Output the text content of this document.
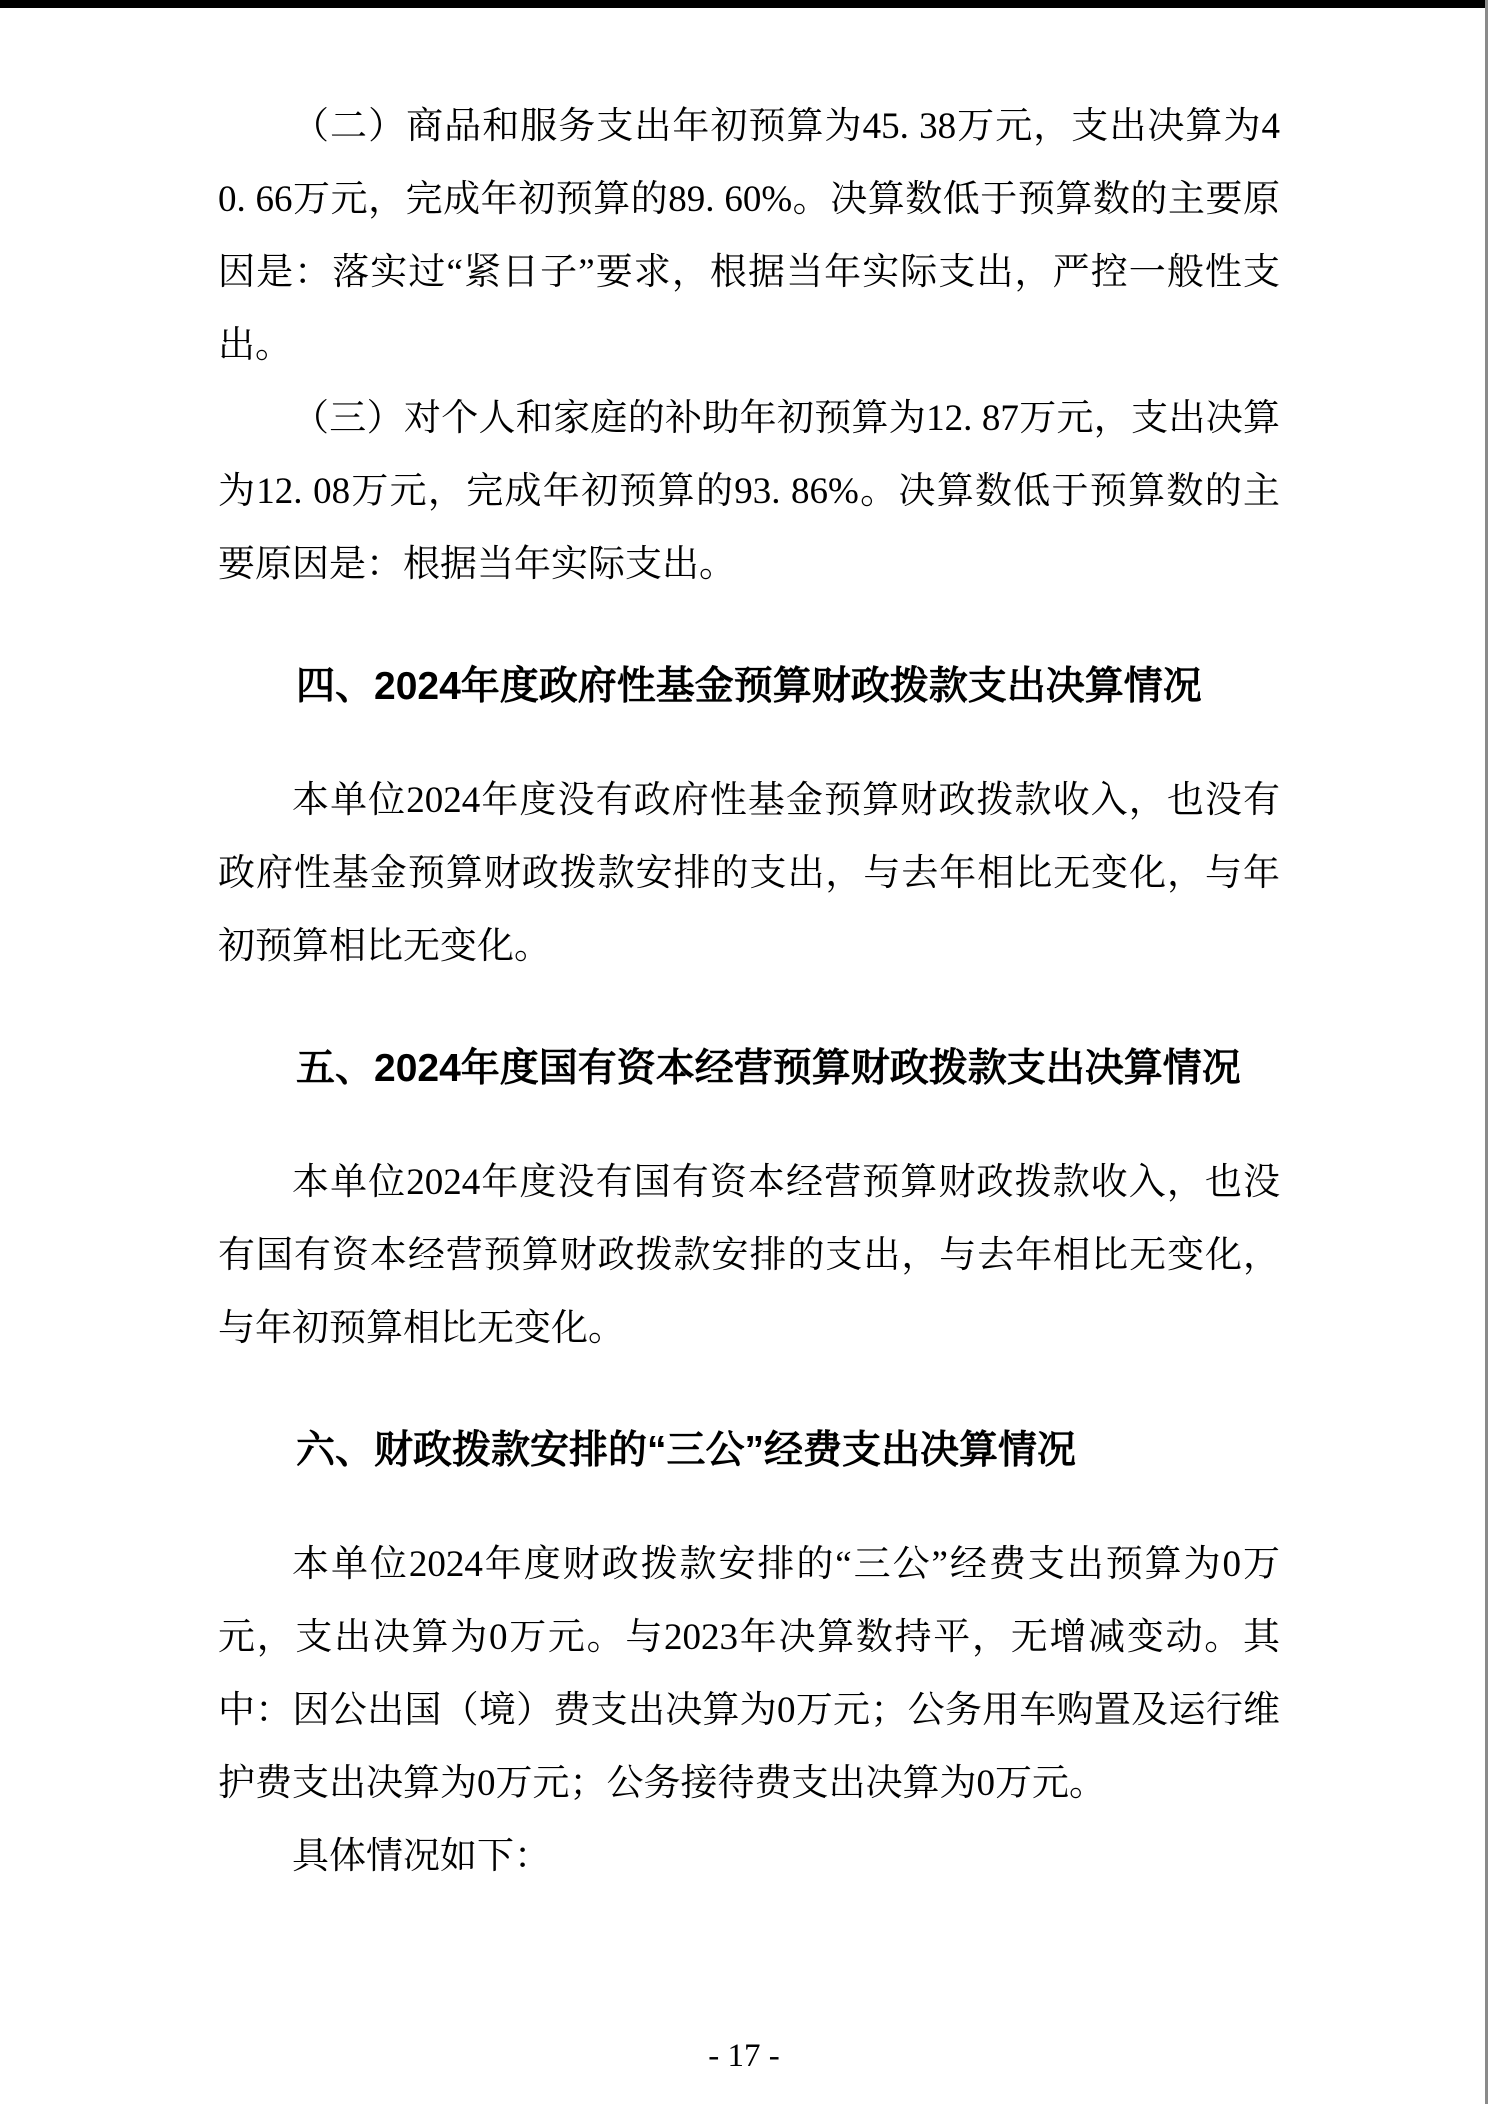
（二）商品和服务支出年初预算为45. 38万元，支出决算为40. 66万元，完成年初预算的89. 60%。决算数低于预算数的主要原因是：落实过“紧日子”要求，根据当年实际支出，严控一般性支出。

（三）对个人和家庭的补助年初预算为12. 87万元，支出决算为12. 08万元，完成年初预算的93. 86%。决算数低于预算数的主要原因是：根据当年实际支出。

四、2024年度政府性基金预算财政拨款支出决算情况

本单位2024年度没有政府性基金预算财政拨款收入，也没有政府性基金预算财政拨款安排的支出，与去年相比无变化，与年初预算相比无变化。

五、2024年度国有资本经营预算财政拨款支出决算情况

本单位2024年度没有国有资本经营预算财政拨款收入，也没有国有资本经营预算财政拨款安排的支出，与去年相比无变化，与年初预算相比无变化。

六、财政拨款安排的“三公”经费支出决算情况

本单位2024年度财政拨款安排的“三公”经费支出预算为0万元，支出决算为0万元。与2023年决算数持平，无增减变动。其中：因公出国（境）费支出决算为0万元；公务用车购置及运行维护费支出决算为0万元；公务接待费支出决算为0万元。

具体情况如下：

- 17 -
